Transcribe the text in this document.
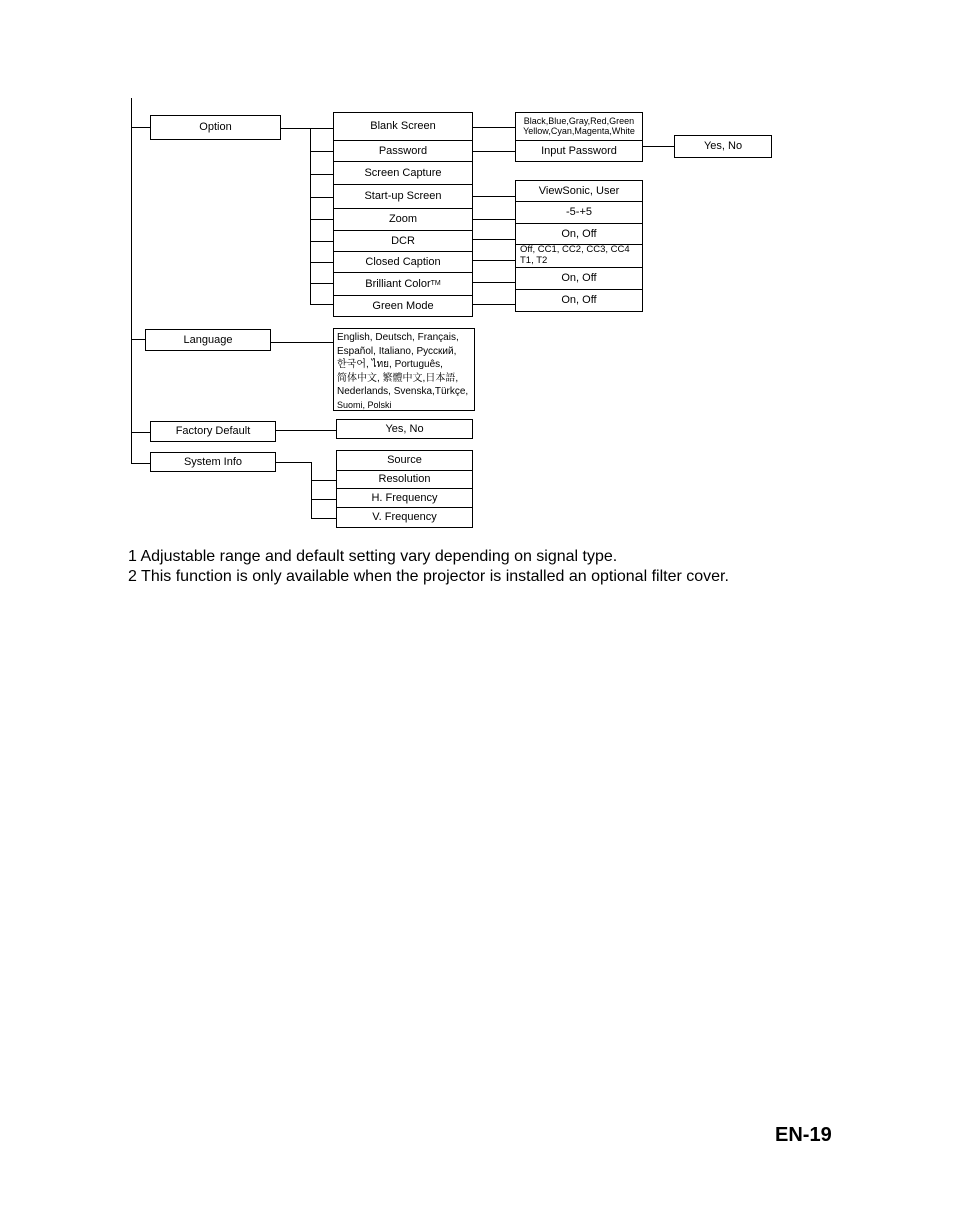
Option	Blank Screen
Password
Screen Capture
Start-up Screen
Zoom
DCR
Closed Caption
Brilliant Color TM
Green Mode
Black,Blue,Gray,Red,Green
Yellow,Cyan,Magenta,White
Input Password	Yes, No
ViewSonic, User
-5-+5
On, Off
Off, CC1, CC2, CC3, CC4
T1, T2
On, Off
On, Off
Language	English, Deutsch, Français,
Español, Italiano, Русский,
한국어, ไทย, Português,
简体中文, 繁體中文,日本語,
Nederlands, Svenska,Türkçe,
Suomi, Polski
Factory Default	Yes, No
System Info	Source
Resolution
H. Frequency
V. Frequency
1 Adjustable range and default setting vary depending on signal type.
2 This function is only available when the projector is installed an optional filter cover.
EN-19
